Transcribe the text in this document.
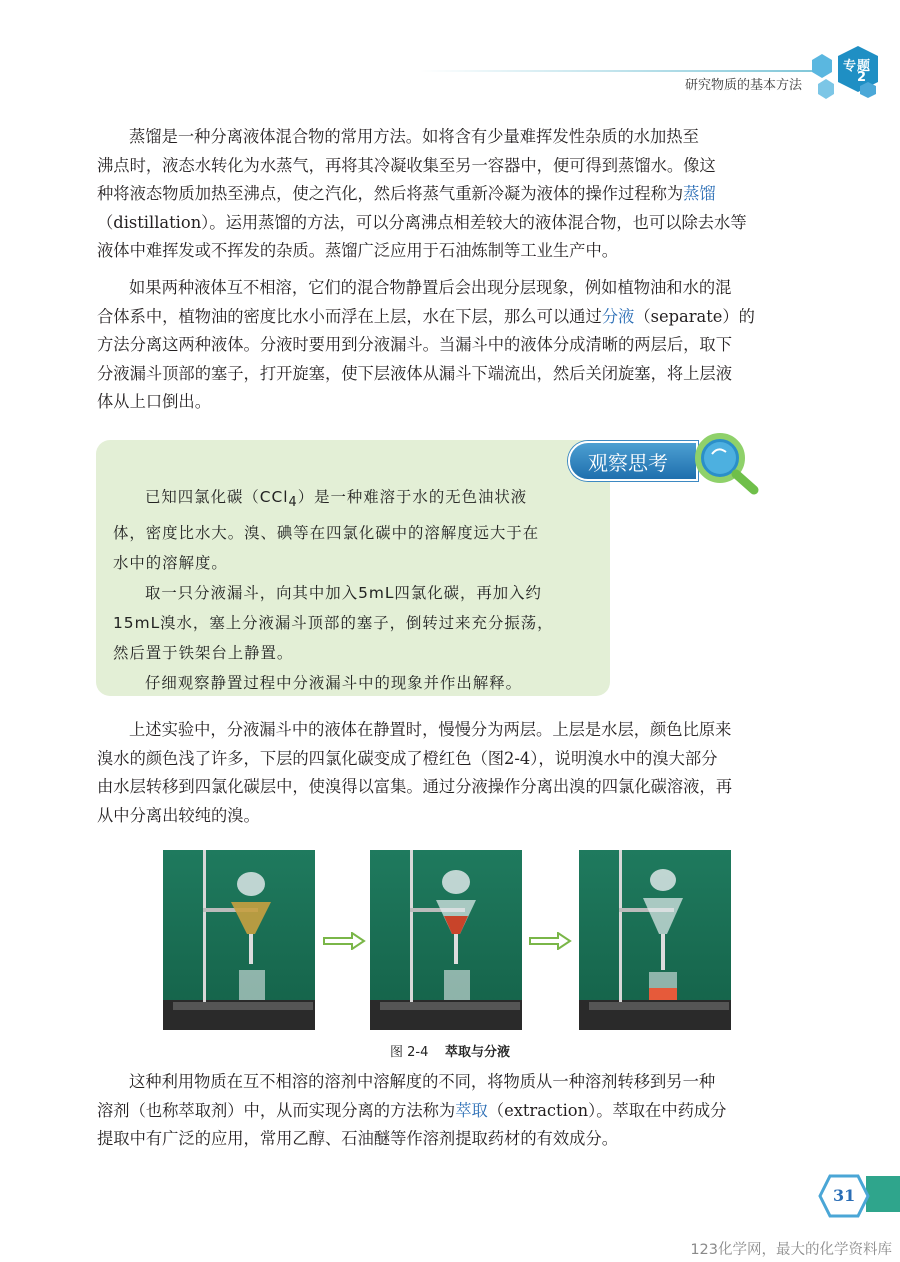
研究物质的基本方法
专题
2
蒸馏是一种分离液体混合物的常用方法。如将含有少量难挥发性杂质的水加热至
沸点时，液态水转化为水蒸气，再将其冷凝收集至另一容器中，便可得到蒸馏水。像这
种将液态物质加热至沸点，使之汽化，然后将蒸气重新冷凝为液体的操作过程称为蒸馏
（distillation）。运用蒸馏的方法，可以分离沸点相差较大的液体混合物，也可以除去水等
液体中难挥发或不挥发的杂质。蒸馏广泛应用于石油炼制等工业生产中。
如果两种液体互不相溶，它们的混合物静置后会出现分层现象，例如植物油和水的混
合体系中，植物油的密度比水小而浮在上层，水在下层，那么可以通过分液（separate）的
方法分离这两种液体。分液时要用到分液漏斗。当漏斗中的液体分成清晰的两层后，取下
分液漏斗顶部的塞子，打开旋塞，使下层液体从漏斗下端流出，然后关闭旋塞，将上层液
体从上口倒出。
观察思考
已知四氯化碳（CCl$_4$）是一种难溶于水的无色油状液
体，密度比水大。溴、碘等在四氯化碳中的溶解度远大于在
水中的溶解度。
取一只分液漏斗，向其中加入5mL四氯化碳，再加入约
15mL溴水，塞上分液漏斗顶部的塞子，倒转过来充分振荡，
然后置于铁架台上静置。
仔细观察静置过程中分液漏斗中的现象并作出解释。
上述实验中，分液漏斗中的液体在静置时，慢慢分为两层。上层是水层，颜色比原来
溴水的颜色浅了许多，下层的四氯化碳变成了橙红色（图2-4），说明溴水中的溴大部分
由水层转移到四氯化碳层中，使溴得以富集。通过分液操作分离出溴的四氯化碳溶液，再
从中分离出较纯的溴。
图 2-4 萃取与分液
这种利用物质在互不相溶的溶剂中溶解度的不同，将物质从一种溶剂转移到另一种
溶剂（也称萃取剂）中，从而实现分离的方法称为萃取（extraction）。萃取在中药成分
提取中有广泛的应用，常用乙醇、石油醚等作溶剂提取药材的有效成分。
31
123化学网，最大的化学资料库
